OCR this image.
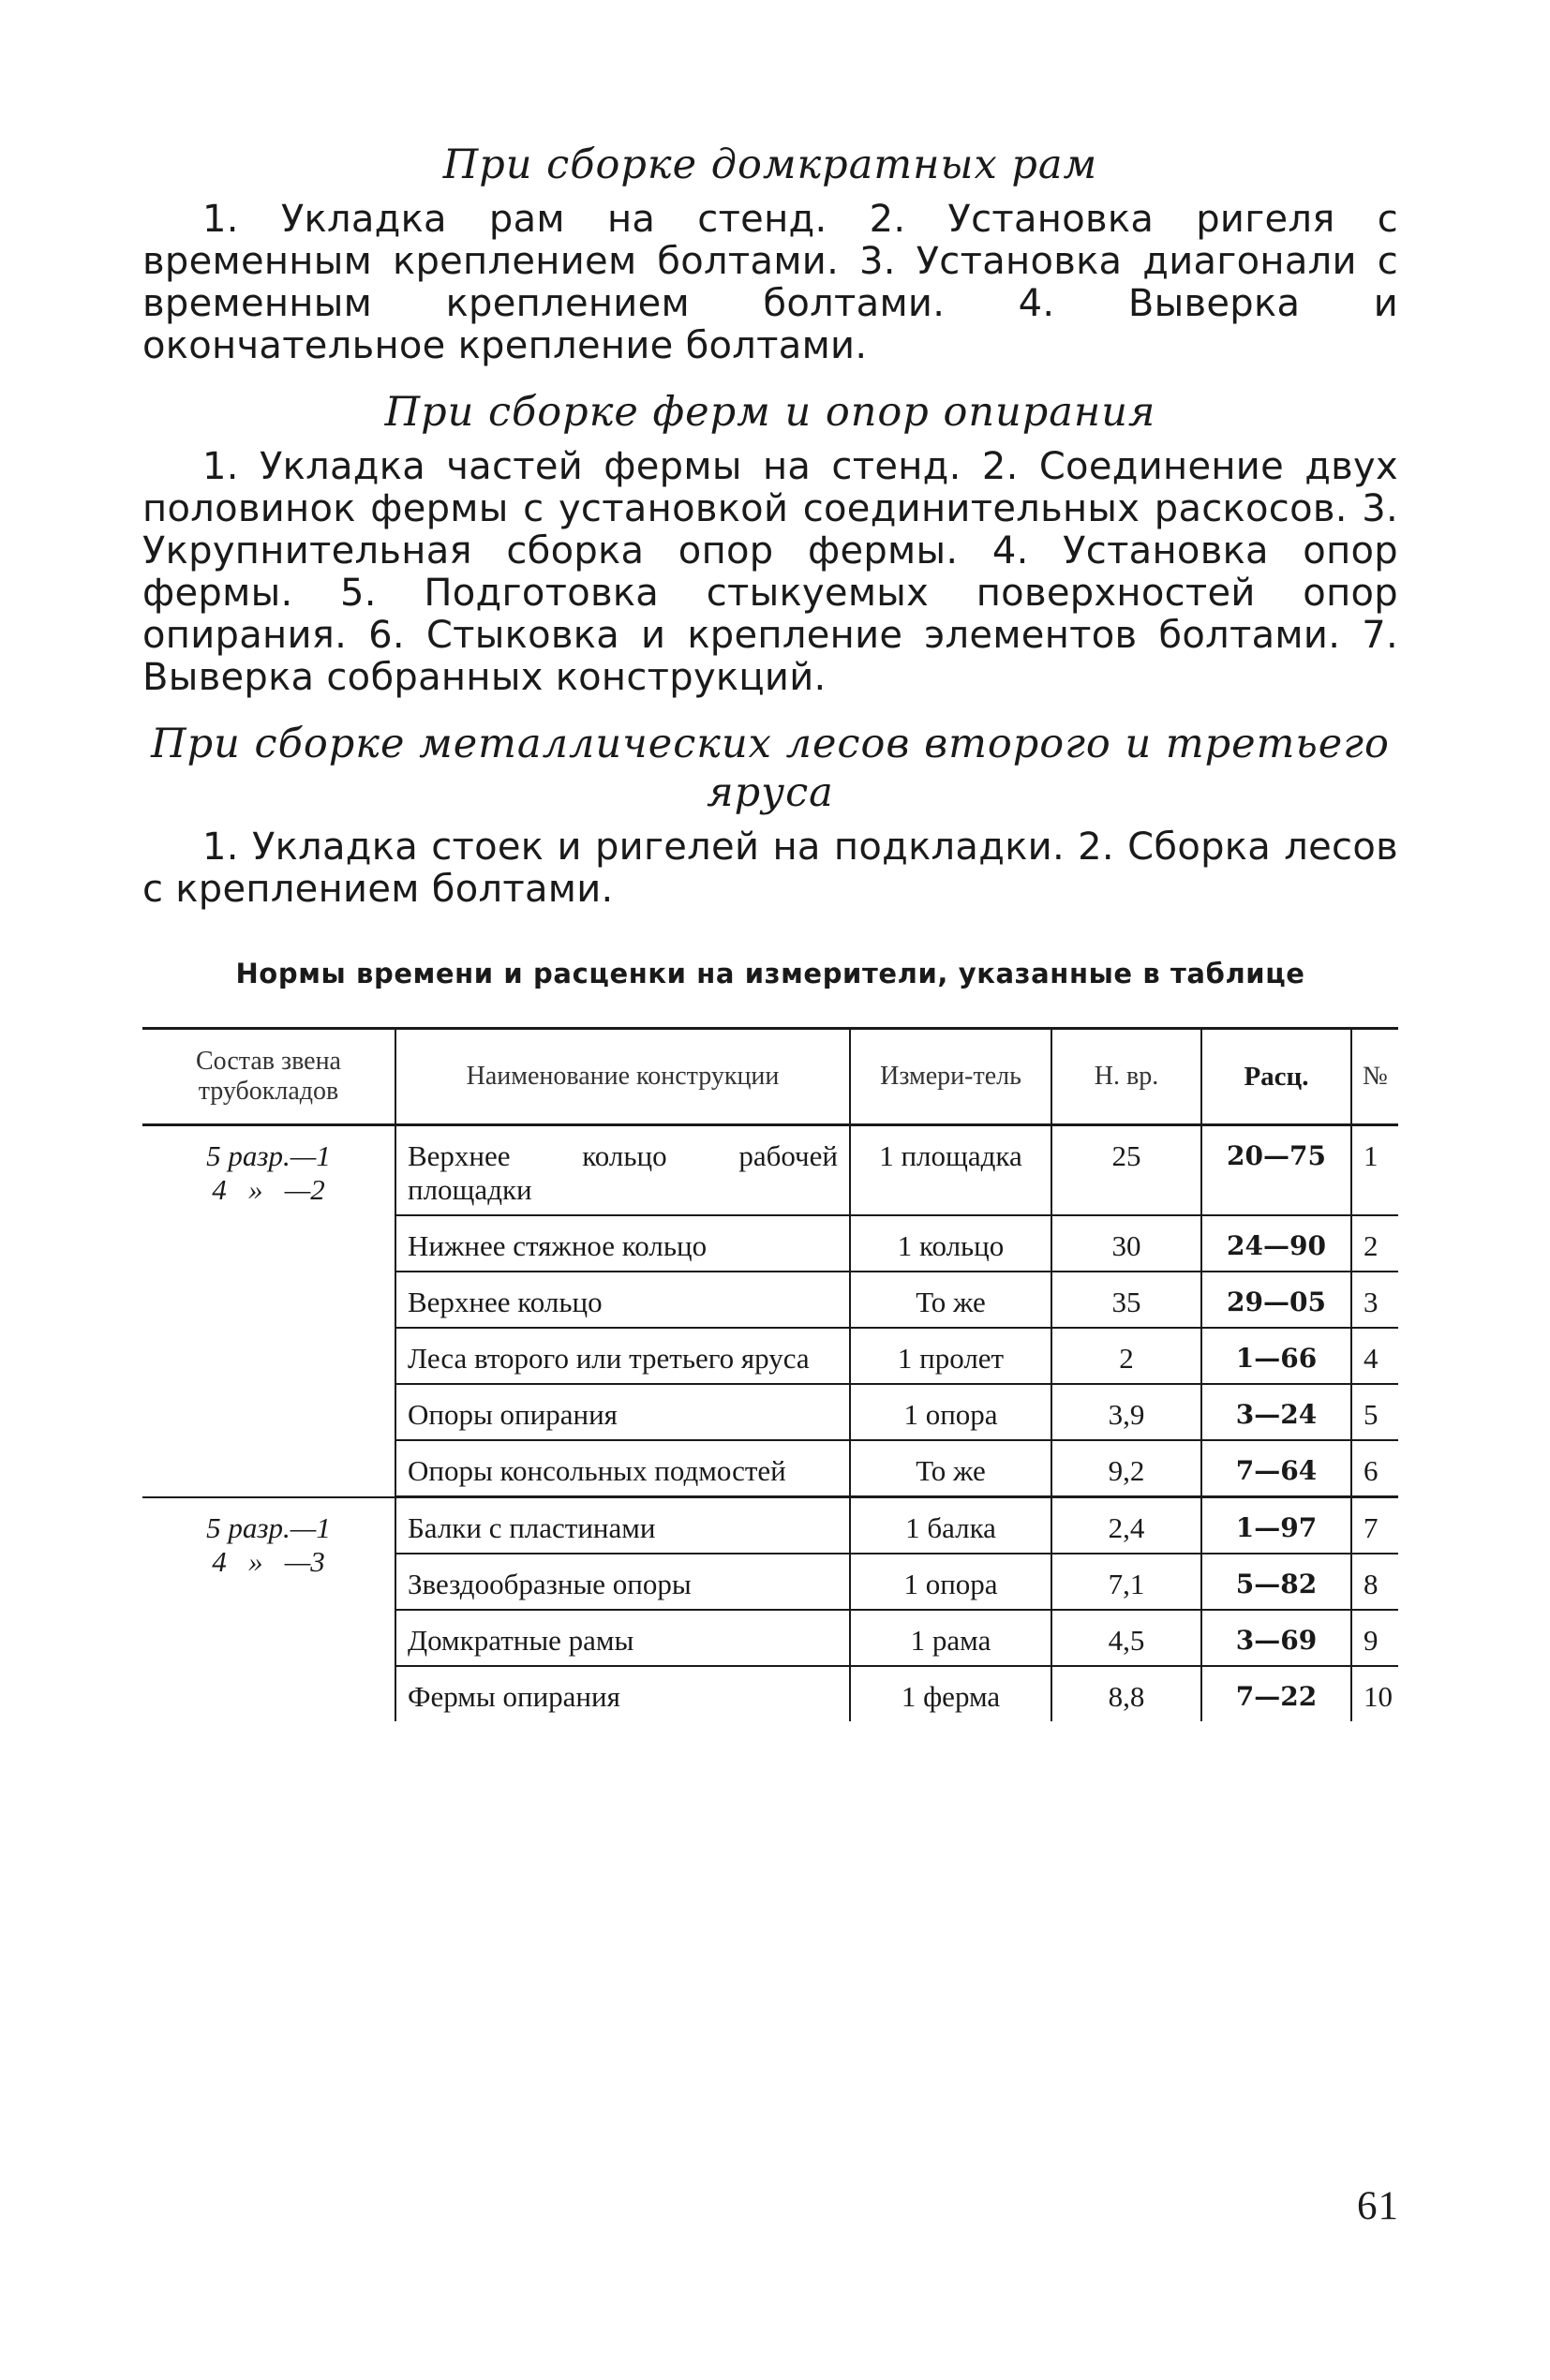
При сборке домкратных рам

1. Укладка рам на стенд. 2. Установка ригеля с временным креплением болтами. 3. Установка диагонали с временным креплением болтами. 4. Выверка и окончательное крепление болтами.

При сборке ферм и опор опирания

1. Укладка частей фермы на стенд. 2. Соединение двух половинок фермы с установкой соединительных раскосов. 3. Укрупнительная сборка опор фермы. 4. Установка опор фермы. 5. Подготовка стыкуемых поверхностей опор опирания. 6. Стыковка и крепление элементов болтами. 7. Выверка собранных конструкций.

При сборке металлических лесов второго и третьего яруса

1. Укладка стоек и ригелей на подкладки. 2. Сборка лесов с креплением болтами.

Нормы времени и расценки на измерители, указанные в таблице
Состав звена трубокладов	Наименование конструкции	Измери-тель	Н. вр.	Расц.	№

5 разр.—1
4   »   —2	Верхнее кольцо рабочей площадки	1 площадка	25	20—75	1
	Нижнее стяжное кольцо	1 кольцо	30	24—90	2
	Верхнее кольцо	То же	35	29—05	3
	Леса второго или третьего яруса	1 пролет	2	1—66	4
	Опоры опирания	1 опора	3,9	3—24	5
	Опоры консольных подмостей	То же	9,2	7—64	6

5 разр.—1
4   »   —3	Балки с пластинами	1 балка	2,4	1—97	7
	Звездообразные опоры	1 опора	7,1	5—82	8
	Домкратные рамы	1 рама	4,5	3—69	9
	Фермы опирания	1 ферма	8,8	7—22	10
61
